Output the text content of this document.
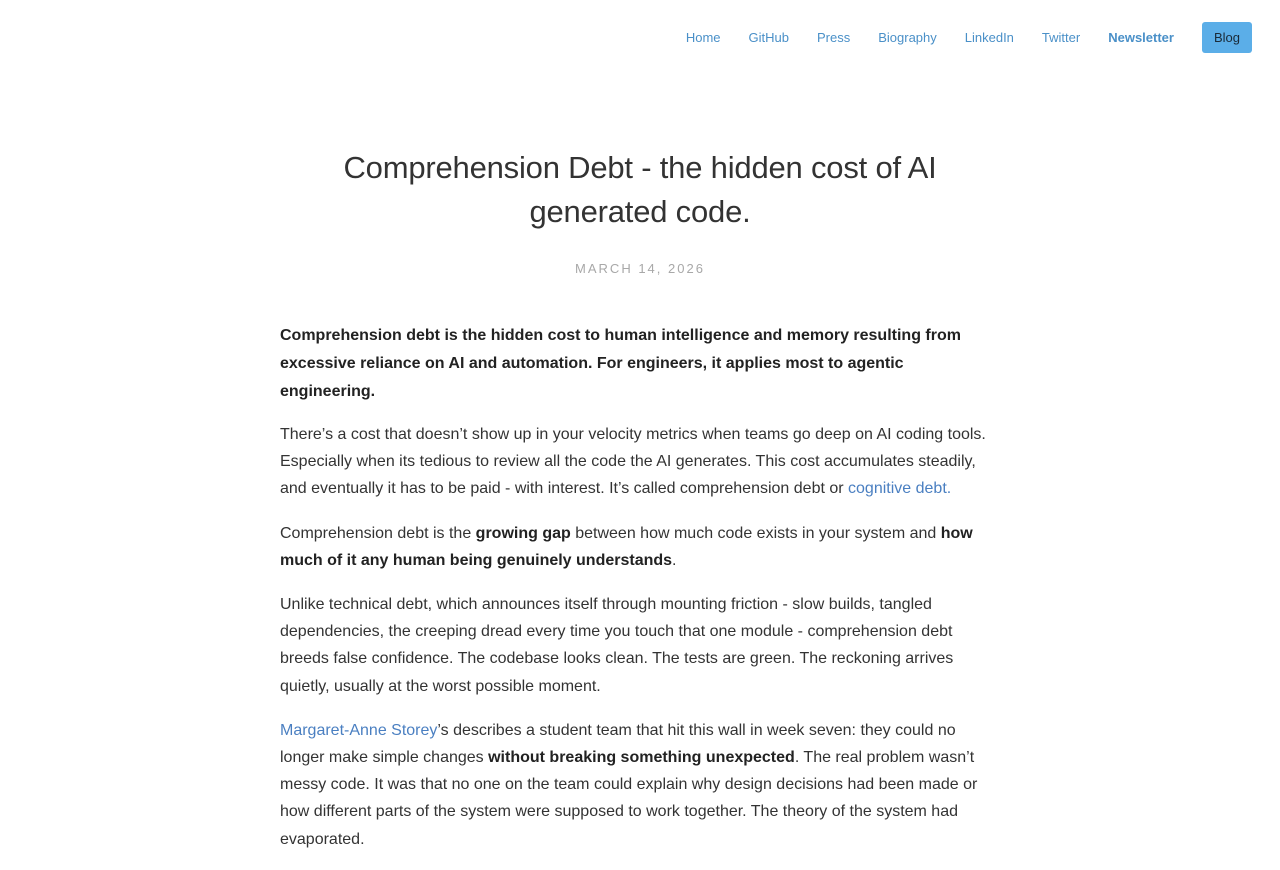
Home GitHub Press Biography LinkedIn Twitter Newsletter	Blog
Comprehension Debt - the hidden cost of AI generated code.
MARCH 14, 2026

Comprehension debt is the hidden cost to human intelligence and memory resulting from excessive reliance on AI and automation. For engineers, it applies most to agentic engineering.

There’s a cost that doesn’t show up in your velocity metrics when teams go deep on AI coding tools. Especially when its tedious to review all the code the AI generates. This cost accumulates steadily, and eventually it has to be paid - with interest. It’s called comprehension debt or cognitive debt.

Comprehension debt is the growing gap between how much code exists in your system and how much of it any human being genuinely understands.

Unlike technical debt, which announces itself through mounting friction - slow builds, tangled dependencies, the creeping dread every time you touch that one module - comprehension debt breeds false confidence. The codebase looks clean. The tests are green. The reckoning arrives quietly, usually at the worst possible moment.

Margaret-Anne Storey’s describes a student team that hit this wall in week seven: they could no longer make simple changes without breaking something unexpected. The real problem wasn’t messy code. It was that no one on the team could explain why design decisions had been made or how different parts of the system were supposed to work together. The theory of the system had evaporated.
